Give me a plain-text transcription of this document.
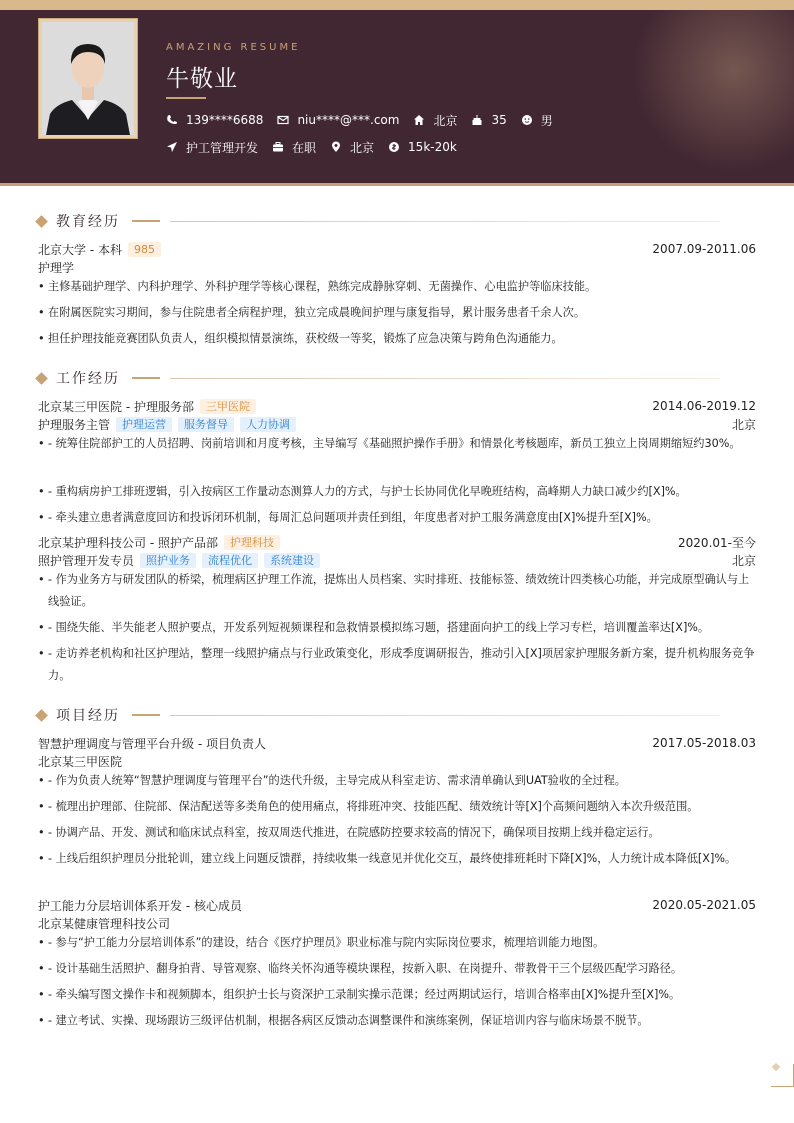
AMAZING RESUME
牛敬业
139****6688	niu****@***.com	北京	35	男
护工管理开发	在职	北京	15k-20k
教育经历
北京大学 - 本科	985	2007.09-2011.06
护理学
• 主修基础护理学、内科护理学、外科护理学等核心课程，熟练完成静脉穿刺、无菌操作、心电监护等临床技能。
• 在附属医院实习期间，参与住院患者全病程护理，独立完成晨晚间护理与康复指导，累计服务患者千余人次。
• 担任护理技能竞赛团队负责人，组织模拟情景演练，获校级一等奖，锻炼了应急决策与跨角色沟通能力。
工作经历
北京某三甲医院 - 护理服务部	三甲医院	2014.06-2019.12
护理服务主管	护理运营	服务督导	人力协调	北京
• - 统筹住院部护工的人员招聘、岗前培训和月度考核，主导编写《基础照护操作手册》和情景化考核题库，新员工独立上岗周期缩短约30%。
• - 重构病房护工排班逻辑，引入按病区工作量动态测算人力的方式，与护士长协同优化早晚班结构，高峰期人力缺口减少约[X]%。
• - 牵头建立患者满意度回访和投诉闭环机制，每周汇总问题项并责任到组，年度患者对护工服务满意度由[X]%提升至[X]%。
北京某护理科技公司 - 照护产品部	护理科技	2020.01-至今
照护管理开发专员	照护业务	流程优化	系统建设	北京
• - 作为业务方与研发团队的桥梁，梳理病区护理工作流，提炼出人员档案、实时排班、技能标签、绩效统计四类核心功能，并完成原型确认与上线验证。
• - 围绕失能、半失能老人照护要点，开发系列短视频课程和急救情景模拟练习题，搭建面向护工的线上学习专栏，培训覆盖率达[X]%。
• - 走访养老机构和社区护理站，整理一线照护痛点与行业政策变化，形成季度调研报告，推动引入[X]项居家护理服务新方案，提升机构服务竞争力。
项目经历
智慧护理调度与管理平台升级 - 项目负责人	2017.05-2018.03
北京某三甲医院
• - 作为负责人统筹“智慧护理调度与管理平台”的迭代升级，主导完成从科室走访、需求清单确认到UAT验收的全过程。
• - 梳理出护理部、住院部、保洁配送等多类角色的使用痛点，将排班冲突、技能匹配、绩效统计等[X]个高频问题纳入本次升级范围。
• - 协调产品、开发、测试和临床试点科室，按双周迭代推进，在院感防控要求较高的情况下，确保项目按期上线并稳定运行。
• - 上线后组织护理员分批轮训，建立线上问题反馈群，持续收集一线意见并优化交互，最终使排班耗时下降[X]%，人力统计成本降低[X]%。
护工能力分层培训体系开发 - 核心成员	2020.05-2021.05
北京某健康管理科技公司
• - 参与“护工能力分层培训体系”的建设，结合《医疗护理员》职业标准与院内实际岗位要求，梳理培训能力地图。
• - 设计基础生活照护、翻身拍背、导管观察、临终关怀沟通等模块课程，按新入职、在岗提升、带教骨干三个层级匹配学习路径。
• - 牵头编写图文操作卡和视频脚本，组织护士长与资深护工录制实操示范课；经过两期试运行，培训合格率由[X]%提升至[X]%。
• - 建立考试、实操、现场跟访三级评估机制，根据各病区反馈动态调整课件和演练案例，保证培训内容与临床场景不脱节。
